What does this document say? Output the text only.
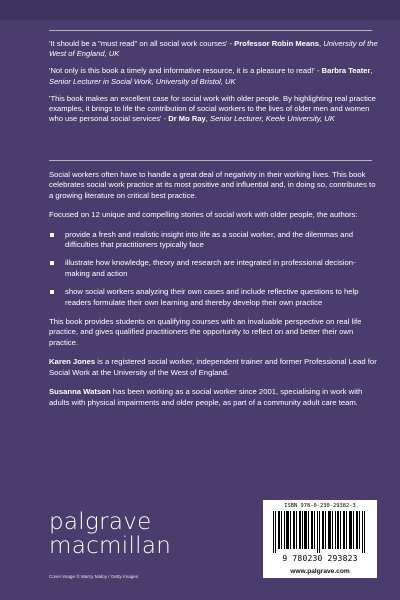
'It should be a "must read" on all social work courses' - Professor Robin Means, University of the West of England, UK

'Not only is this book a timely and informative resource, it is a pleasure to read!' - Barbra Teater, Senior Lecturer in Social Work, University of Bristol, UK

'This book makes an excellent case for social work with older people. By highlighting real practice examples, it brings to life the contribution of social workers to the lives of older men and women who use personal social services' - Dr Mo Ray, Senior Lecturer, Keele University, UK

Social workers often have to handle a great deal of negativity in their working lives. This book celebrates social work practice at its most positive and influential and, in doing so, contributes to a growing literature on critical best practice.

Focused on 12 unique and compelling stories of social work with older people, the authors:

provide a fresh and realistic insight into life as a social worker, and the dilemmas and difficulties that practitioners typically face
illustrate how knowledge, theory and research are integrated in professional decision-making and action
show social workers analyzing their own cases and include reflective questions to help readers formulate their own learning and thereby develop their own practice

This book provides students on qualifying courses with an invaluable perspective on real life practice, and gives qualified practitioners the opportunity to reflect on and better their own practice.

Karen Jones is a registered social worker, independent trainer and former Professional Lead for Social Work at the University of the West of England.

Susanna Watson has been working as a social worker since 2001, specialising in work with adults with physical impairments and older people, as part of a community adult care team.

palgrave
macmillan
Cover image © Marcy Maloy / Getty Images
ISBN 978-0-230-29382-3
9 780230 293823
www.palgrave.com
